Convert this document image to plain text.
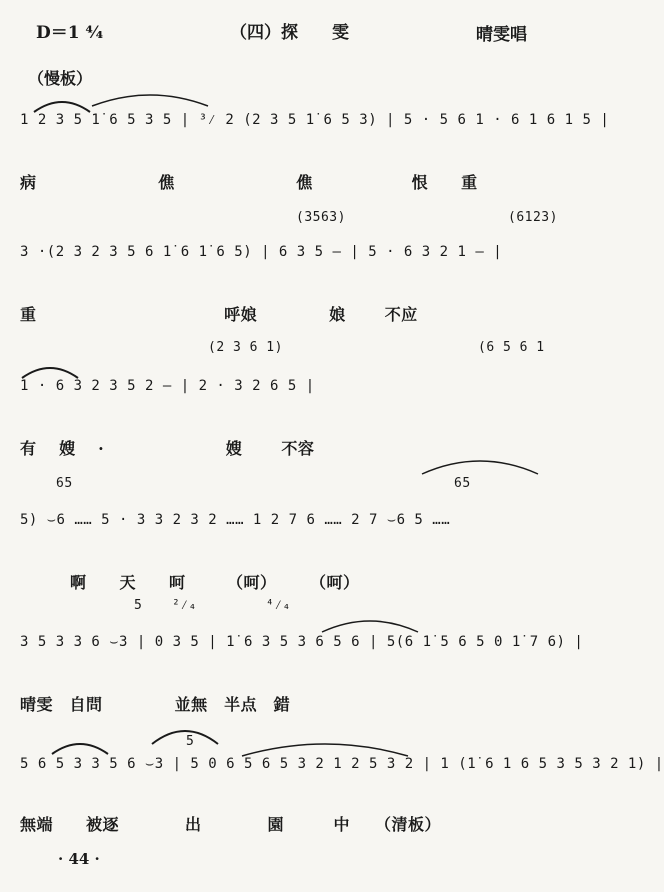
D＝1 ⁴⁄₄	（四）探　　雯	晴雯唱
（慢板）
1 2 3 5 1̇ 6 5 3 5 | ³⁄ 2 (2 3 5 1̇ 6 5 3) | 5 · 5 6 1 · 6 1 6 1 5 |
病　　　　　　　 僬　　　　　　　 僬　　　　　　恨　　重
(3563)	(6123)
3 ·(2 3 2 3 5 6 1̇ 6 1̇ 6 5) | 6 3 5 — | 5 · 6 3 2 1 — |
重　　　　　　　　　　　 呼娘　　　　 娘　　 不应
(2 3 6 1)	(6 5 6 1
1 · 6 3 2 3 5 2 — | 2 · 3 2 6 5 |
有　 嫂　 ·　　　　　　　 嫂　　 不容
65	65
5) ⌣6 …… 5 · 3 3 2 3 2 …… 1 2 7 6 …… 2 7 ⌣6 5 ……
啊　　天　　呵　　　（呵）　　　（呵）
5 ²⁄₄	⁴⁄₄
3 5 3 3 6 ⌣3 | 0 3 5 | 1̇ 6 3 5 3 6 5 6 | 5(6 1̇ 5 6 5 0 1̇ 7 6) |
晴雯　自問　　　　 並無　半点　錯
5
5 6 5 3 3 5 6 ⌣3 | 5 0 6 5 6 5 3 2 1 2 5 3 2 | 1 (1̇ 6 1 6 5 3 5 3 2 1) |
無端　　被逐　　　　出　　　　園　　　中　　（清板）
· 44 ·
